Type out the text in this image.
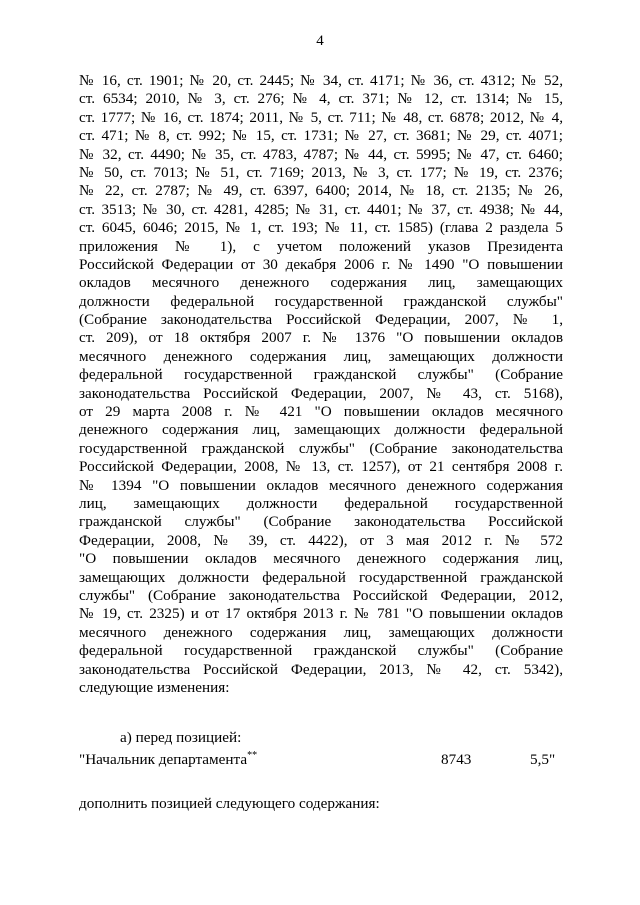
4
№ 16, ст. 1901; № 20, ст. 2445; № 34, ст. 4171; № 36, ст. 4312; № 52,
ст. 6534; 2010, № 3, ст. 276; № 4, ст. 371; № 12, ст. 1314; № 15,
ст. 1777; № 16, ст. 1874; 2011, № 5, ст. 711; № 48, ст. 6878; 2012, № 4,
ст. 471; № 8, ст. 992; № 15, ст. 1731; № 27, ст. 3681; № 29, ст. 4071;
№ 32, ст. 4490; № 35, ст. 4783, 4787; № 44, ст. 5995; № 47, ст. 6460;
№ 50, ст. 7013; № 51, ст. 7169; 2013, № 3, ст. 177; № 19, ст. 2376;
№ 22, ст. 2787; № 49, ст. 6397, 6400; 2014, № 18, ст. 2135; № 26,
ст. 3513; № 30, ст. 4281, 4285; № 31, ст. 4401; № 37, ст. 4938; № 44,
ст. 6045, 6046; 2015, № 1, ст. 193; № 11, ст. 1585) (глава 2 раздела 5
приложения № 1), с учетом положений указов Президента
Российской Федерации от 30 декабря 2006 г. № 1490 "О повышении
окладов месячного денежного содержания лиц, замещающих
должности федеральной государственной гражданской службы"
(Собрание законодательства Российской Федерации, 2007, № 1,
ст. 209), от 18 октября 2007 г. № 1376 "О повышении окладов
месячного денежного содержания лиц, замещающих должности
федеральной государственной гражданской службы" (Собрание
законодательства Российской Федерации, 2007, № 43, ст. 5168),
от 29 марта 2008 г. № 421 "О повышении окладов месячного
денежного содержания лиц, замещающих должности федеральной
государственной гражданской службы" (Собрание законодательства
Российской Федерации, 2008, № 13, ст. 1257), от 21 сентября 2008 г.
№ 1394 "О повышении окладов месячного денежного содержания
лиц, замещающих должности федеральной государственной
гражданской службы" (Собрание законодательства Российской
Федерации, 2008, № 39, ст. 4422), от 3 мая 2012 г. № 572
"О повышении окладов месячного денежного содержания лиц,
замещающих должности федеральной государственной гражданской
службы" (Собрание законодательства Российской Федерации, 2012,
№ 19, ст. 2325) и от 17 октября 2013 г. № 781 "О повышении окладов
месячного денежного содержания лиц, замещающих должности
федеральной государственной гражданской службы" (Собрание
законодательства Российской Федерации, 2013, № 42, ст. 5342),
следующие изменения:
а) перед позицией:
"Начальник департамента**	8743	5,5"
дополнить позицией следующего содержания:
